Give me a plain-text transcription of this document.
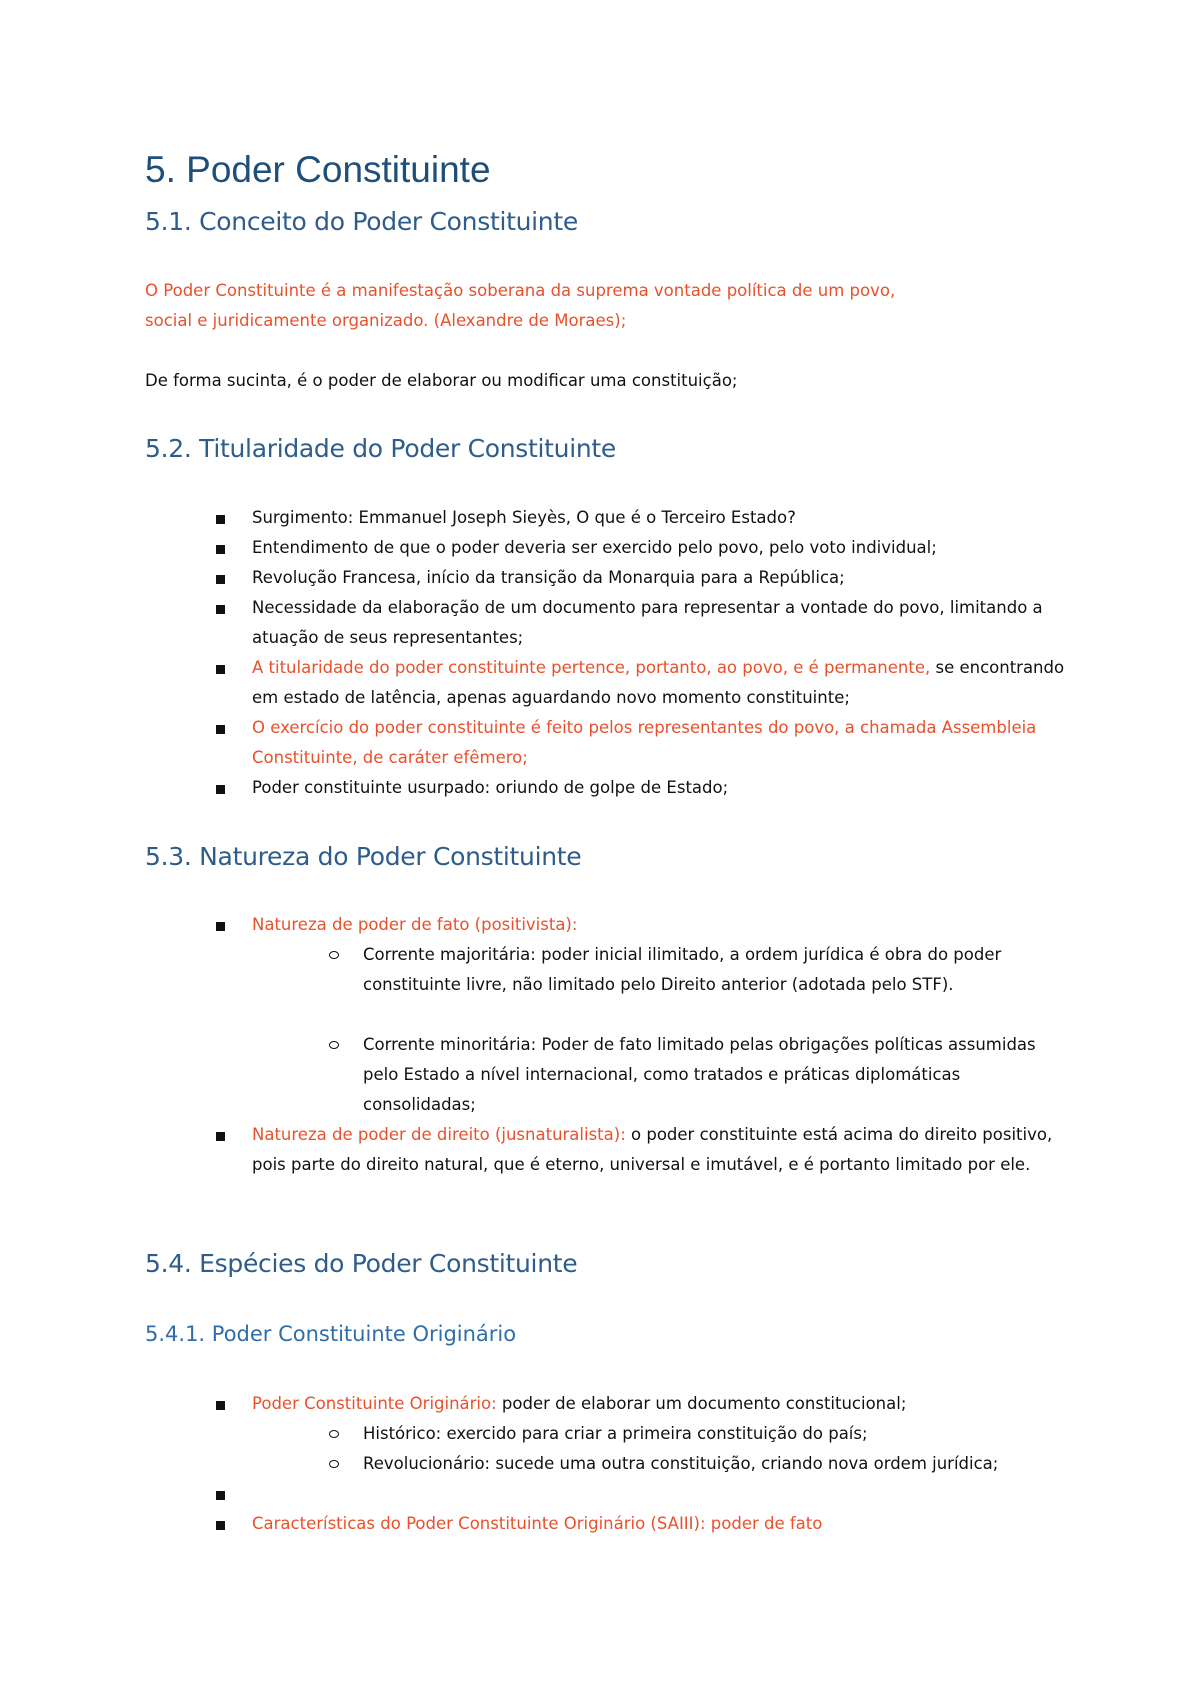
5. Poder Constituinte
5.1. Conceito do Poder Constituinte

O Poder Constituinte é a manifestação soberana da suprema vontade política de um povo, social e juridicamente organizado. (Alexandre de Moraes);

De forma sucinta, é o poder de elaborar ou modificar uma constituição;

5.2. Titularidade do Poder Constituinte
Surgimento: Emmanuel Joseph Sieyès, O que é o Terceiro Estado?
Entendimento de que o poder deveria ser exercido pelo povo, pelo voto individual;
Revolução Francesa, início da transição da Monarquia para a República;
Necessidade da elaboração de um documento para representar a vontade do povo, limitando a atuação de seus representantes;
A titularidade do poder constituinte pertence, portanto, ao povo, e é permanente, se encontrando em estado de latência, apenas aguardando novo momento constituinte;
O exercício do poder constituinte é feito pelos representantes do povo, a chamada Assembleia Constituinte, de caráter efêmero;
Poder constituinte usurpado: oriundo de golpe de Estado;
5.3. Natureza do Poder Constituinte
Natureza de poder de fato (positivista):
Corrente majoritária: poder inicial ilimitado, a ordem jurídica é obra do poder constituinte livre, não limitado pelo Direito anterior (adotada pelo STF).
Corrente minoritária: Poder de fato limitado pelas obrigações políticas assumidas pelo Estado a nível internacional, como tratados e práticas diplomáticas consolidadas;
Natureza de poder de direito (jusnaturalista): o poder constituinte está acima do direito positivo, pois parte do direito natural, que é eterno, universal e imutável, e é portanto limitado por ele.
5.4. Espécies do Poder Constituinte
5.4.1. Poder Constituinte Originário
Poder Constituinte Originário: poder de elaborar um documento constitucional;
Histórico: exercido para criar a primeira constituição do país;
Revolucionário: sucede uma outra constituição, criando nova ordem jurídica;
Características do Poder Constituinte Originário (SAIII): poder de fato
